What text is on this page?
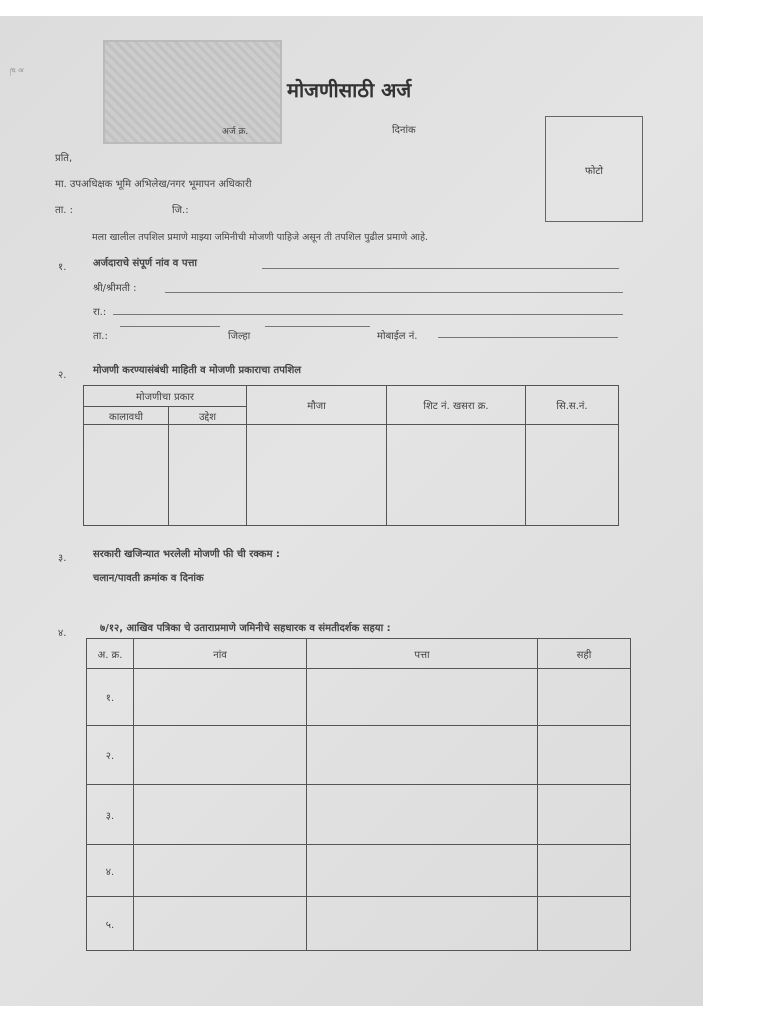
ཁ ྋ
मोजणीसाठी अर्ज
अर्ज क्र.	दिनांक
फोटो
प्रति,
मा. उपअधिक्षक भूमि अभिलेख/नगर भूमापन अधिकारी
ता. :	जि.:
मला खालील तपशिल प्रमाणे माझ्या जमिनीची मोजणी पाहिजे असून ती तपशिल पुढील प्रमाणे आहे.
१.	अर्जदाराचे संपूर्ण नांव व पत्ता
श्री/श्रीमती :
रा.:
ता.:	जिल्हा	मोबाईल नं.
२.	मोजणी करण्यासंबंधी माहिती व मोजणी प्रकाराचा तपशिल
मोजणीचा प्रकार		मौजा	शिट नं. खसरा क्र.	सि.स.नं.
कालावधी	उद्देश			

३.	सरकारी खजिन्यात भरलेली मोजणी फी ची रक्कम :
चलान/पावती क्रमांक व दिनांक
४.	७/१२, आखिव पत्रिका चे उताराप्रमाणे जमिनीचे सहधारक व संमतीदर्शक सहया :
अ. क्र.	नांव	पत्ता	सही
१.			
२.			
३.			
४.			
५.			
